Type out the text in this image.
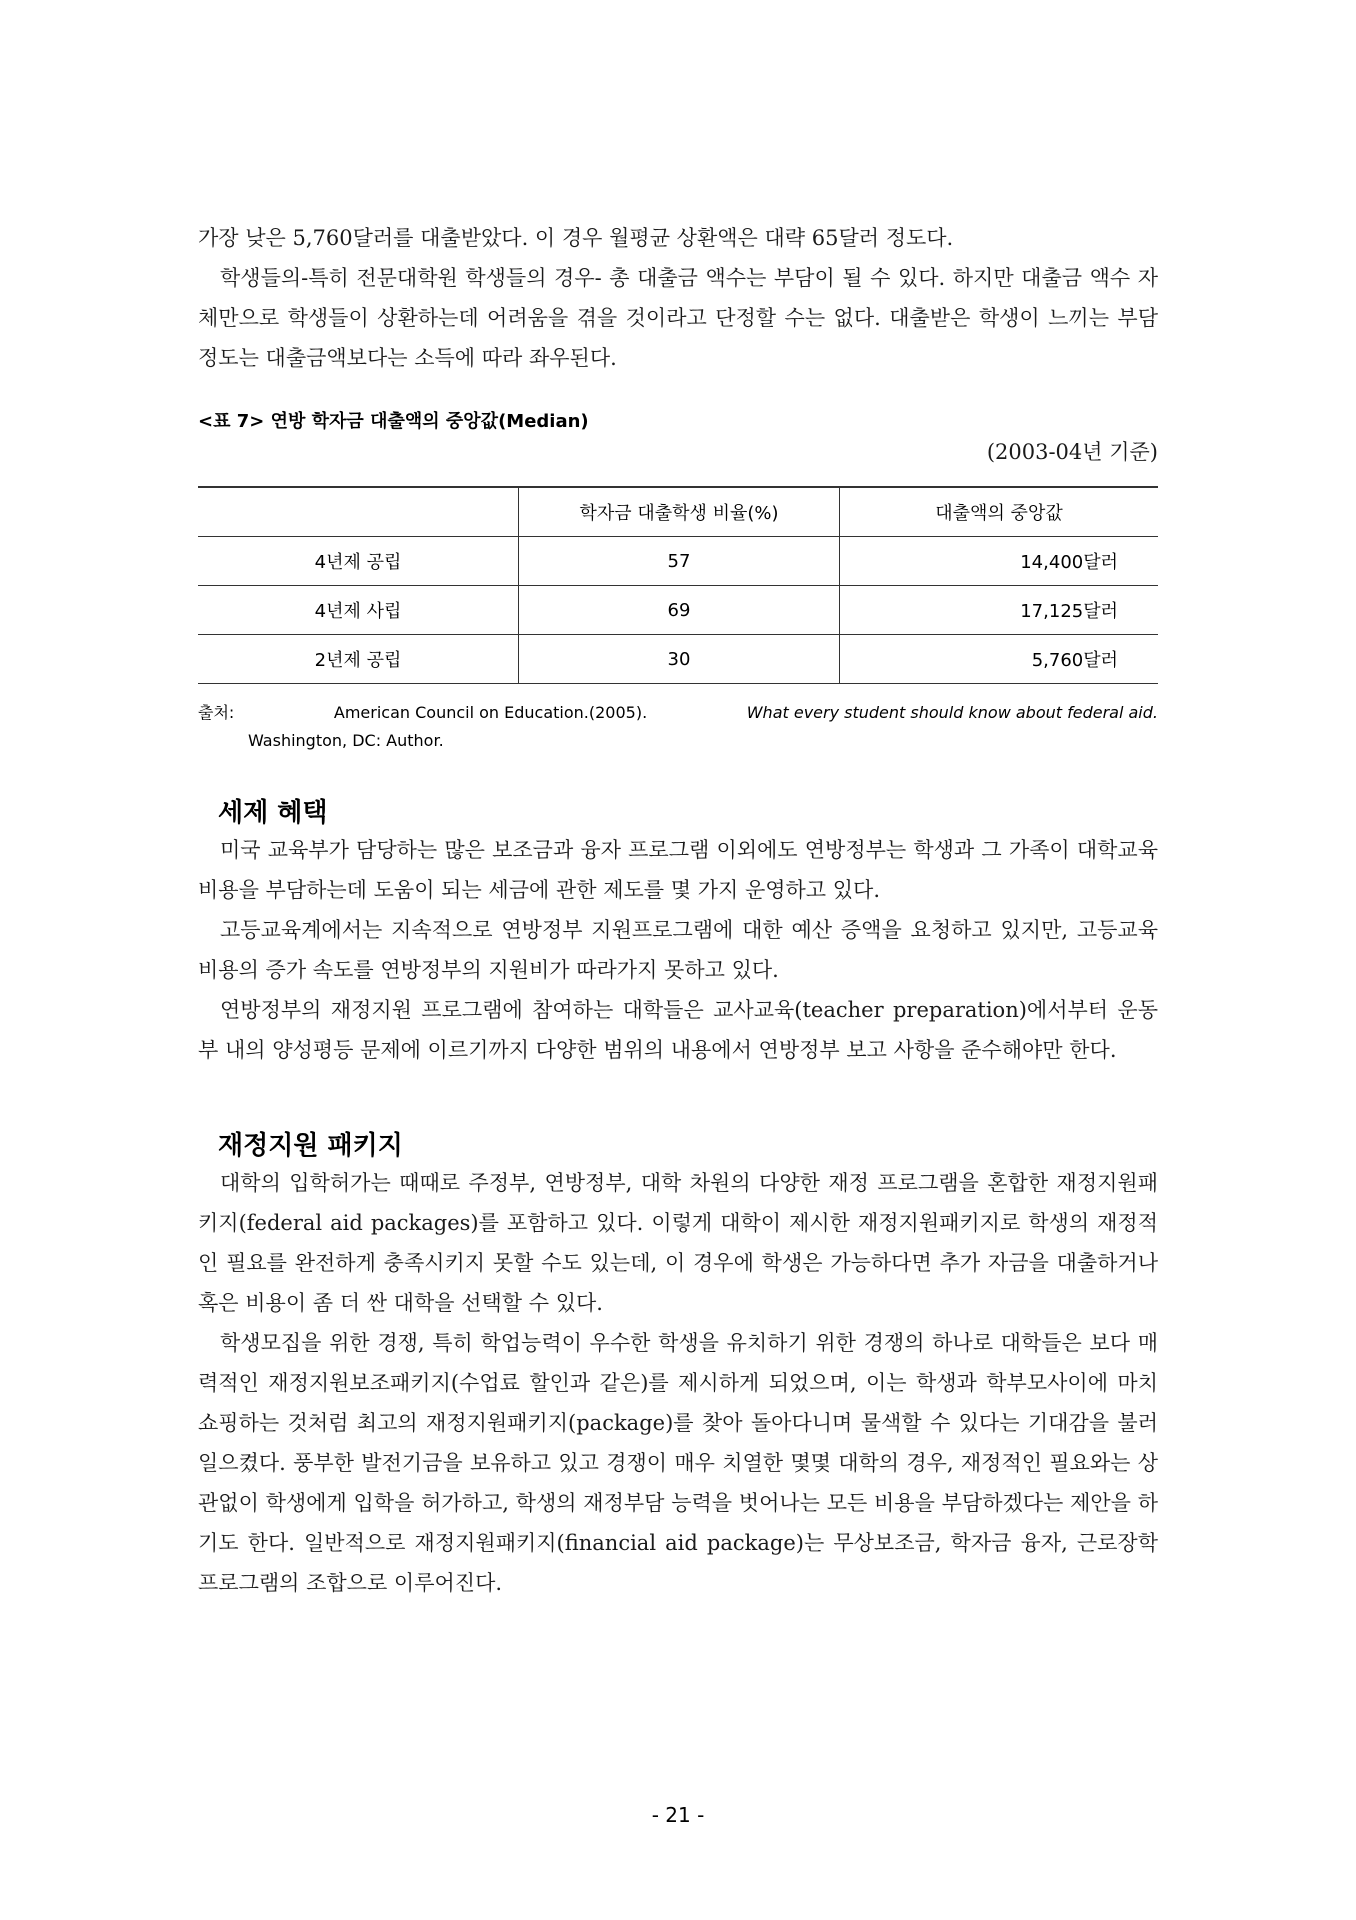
가장 낮은 5,760달러를 대출받았다. 이 경우 월평균 상환액은 대략 65달러 정도다.

학생들의-특히 전문대학원 학생들의 경우- 총 대출금 액수는 부담이 될 수 있다. 하지만 대출금 액수 자체만으로 학생들이 상환하는데 어려움을 겪을 것이라고 단정할 수는 없다. 대출받은 학생이 느끼는 부담 정도는 대출금액보다는 소득에 따라 좌우된다.

<표 7> 연방 학자금 대출액의 중앙값(Median)
(2003-04년 기준)
	학자금 대출학생 비율(%)	대출액의 중앙값
4년제 공립	57	14,400달러
4년제 사립	69	17,125달러
2년제 공립	30	5,760달러
출처:	American Council on Education.(2005).	What every student should know about federal aid.
Washington, DC: Author.
세제 혜택

미국 교육부가 담당하는 많은 보조금과 융자 프로그램 이외에도 연방정부는 학생과 그 가족이 대학교육 비용을 부담하는데 도움이 되는 세금에 관한 제도를 몇 가지 운영하고 있다.

고등교육계에서는 지속적으로 연방정부 지원프로그램에 대한 예산 증액을 요청하고 있지만, 고등교육 비용의 증가 속도를 연방정부의 지원비가 따라가지 못하고 있다.

연방정부의 재정지원 프로그램에 참여하는 대학들은 교사교육(teacher preparation)에서부터 운동부 내의 양성평등 문제에 이르기까지 다양한 범위의 내용에서 연방정부 보고 사항을 준수해야만 한다.

재정지원 패키지

대학의 입학허가는 때때로 주정부, 연방정부, 대학 차원의 다양한 재정 프로그램을 혼합한 재정지원패키지(federal aid packages)를 포함하고 있다. 이렇게 대학이 제시한 재정지원패키지로 학생의 재정적인 필요를 완전하게 충족시키지 못할 수도 있는데, 이 경우에 학생은 가능하다면 추가 자금을 대출하거나 혹은 비용이 좀 더 싼 대학을 선택할 수 있다.

학생모집을 위한 경쟁, 특히 학업능력이 우수한 학생을 유치하기 위한 경쟁의 하나로 대학들은 보다 매력적인 재정지원보조패키지(수업료 할인과 같은)를 제시하게 되었으며, 이는 학생과 학부모사이에 마치 쇼핑하는 것처럼 최고의 재정지원패키지(package)를 찾아 돌아다니며 물색할 수 있다는 기대감을 불러일으켰다. 풍부한 발전기금을 보유하고 있고 경쟁이 매우 치열한 몇몇 대학의 경우, 재정적인 필요와는 상관없이 학생에게 입학을 허가하고, 학생의 재정부담 능력을 벗어나는 모든 비용을 부담하겠다는 제안을 하기도 한다. 일반적으로 재정지원패키지(financial aid package)는 무상보조금, 학자금 융자, 근로장학 프로그램의 조합으로 이루어진다.

- 21 -
